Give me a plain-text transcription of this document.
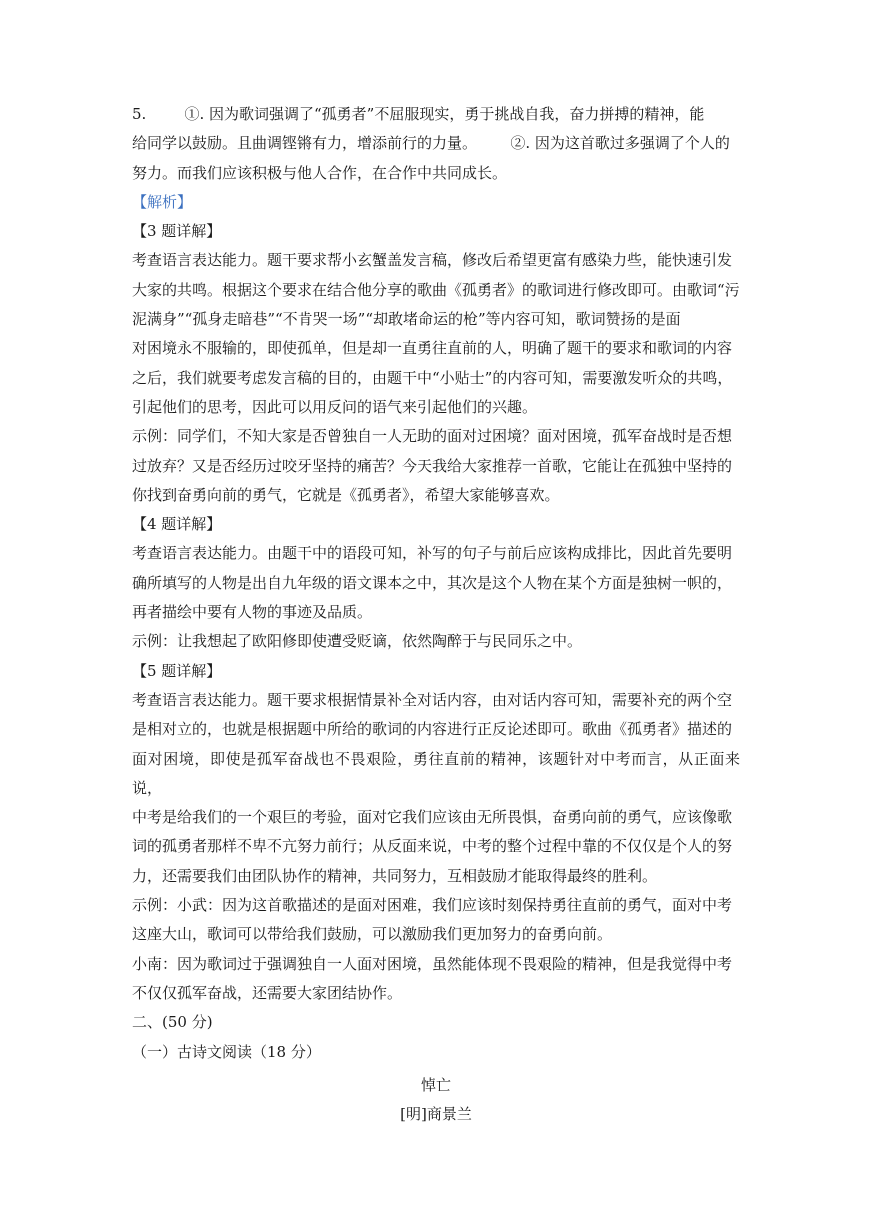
5.        ①. 因为歌词强调了“孤勇者”不屈服现实，勇于挑战自我，奋力拼搏的精神，能

给同学以鼓励。且曲调铿锵有力，增添前行的力量。       ②. 因为这首歌过多强调了个人的

努力。而我们应该积极与他人合作，在合作中共同成长。

【解析】

【3 题详解】

考查语言表达能力。题干要求帮小玄蟹盖发言稿，修改后希望更富有感染力些，能快速引发

大家的共鸣。根据这个要求在结合他分享的歌曲《孤勇者》的歌词进行修改即可。由歌词“污

泥满身”“孤身走暗巷”“不肯哭一场”“却敢堵命运的枪”等内容可知，歌词赞扬的是面

对困境永不服输的，即使孤单，但是却一直勇往直前的人，明确了题干的要求和歌词的内容

之后，我们就要考虑发言稿的目的，由题干中“小贴士”的内容可知，需要激发听众的共鸣，

引起他们的思考，因此可以用反问的语气来引起他们的兴趣。

示例：同学们，不知大家是否曾独自一人无助的面对过困境？面对困境，孤军奋战时是否想

过放弃？又是否经历过咬牙坚持的痛苦？今天我给大家推荐一首歌，它能让在孤独中坚持的

你找到奋勇向前的勇气，它就是《孤勇者》，希望大家能够喜欢。

【4 题详解】

考查语言表达能力。由题干中的语段可知，补写的句子与前后应该构成排比，因此首先要明

确所填写的人物是出自九年级的语文课本之中，其次是这个人物在某个方面是独树一帜的，

再者描绘中要有人物的事迹及品质。

示例：让我想起了欧阳修即使遭受贬谪，依然陶醉于与民同乐之中。

【5 题详解】

考查语言表达能力。题干要求根据情景补全对话内容，由对话内容可知，需要补充的两个空

是相对立的，也就是根据题中所给的歌词的内容进行正反论述即可。歌曲《孤勇者》描述的

面对困境，即使是孤军奋战也不畏艰险，勇往直前的精神，该题针对中考而言，从正面来说，

中考是给我们的一个艰巨的考验，面对它我们应该由无所畏惧，奋勇向前的勇气，应该像歌

词的孤勇者那样不卑不亢努力前行；从反面来说，中考的整个过程中靠的不仅仅是个人的努

力，还需要我们由团队协作的精神，共同努力，互相鼓励才能取得最终的胜利。

示例：小武：因为这首歌描述的是面对困难，我们应该时刻保持勇往直前的勇气，面对中考

这座大山，歌词可以带给我们鼓励，可以激励我们更加努力的奋勇向前。

小南：因为歌词过于强调独自一人面对困境，虽然能体现不畏艰险的精神，但是我觉得中考

不仅仅孤军奋战，还需要大家团结协作。

二、(50 分)

（一）古诗文阅读（18 分）

悼亡

[明]商景兰
